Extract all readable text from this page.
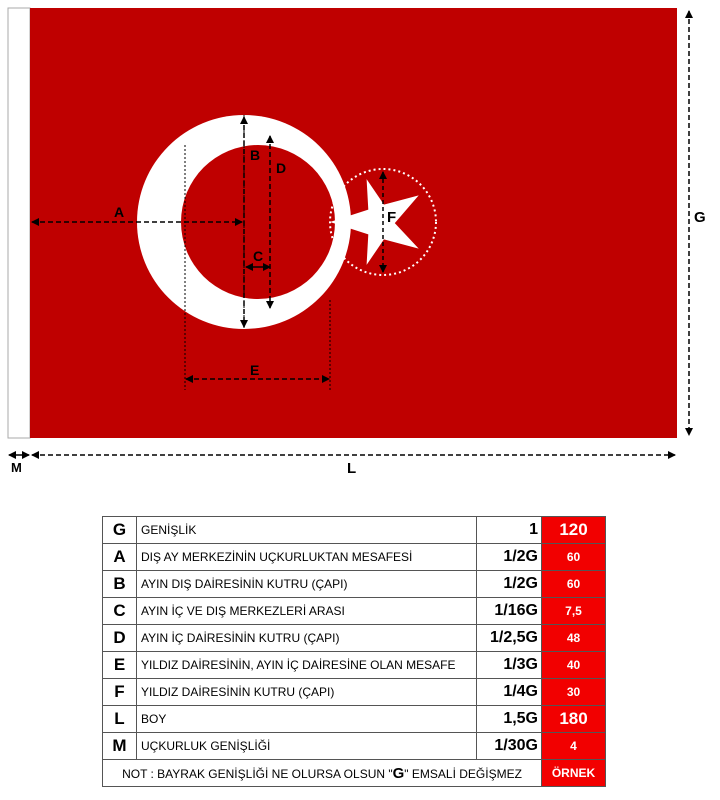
A
B
D
C
E
F	G
L
M
G	GENİŞLİK	1	120
A	DIŞ AY MERKEZİNİN UÇKURLUKTAN MESAFESİ	1/2G	60
B	AYIN DIŞ DAİRESİNİN KUTRU (ÇAPI)	1/2G	60
C	AYIN İÇ VE DIŞ MERKEZLERİ ARASI	1/16G	7,5
D	AYIN İÇ DAİRESİNİN KUTRU (ÇAPI)	1/2,5G	48
E	YILDIZ DAİRESİNİN, AYIN İÇ DAİRESİNE OLAN MESAFE	1/3G	40
F	YILDIZ DAİRESİNİN KUTRU (ÇAPI)	1/4G	30
L	BOY	1,5G	180
M	UÇKURLUK GENİŞLİĞİ	1/30G	4
NOT : BAYRAK GENİŞLİĞİ NE OLURSA OLSUN "G" EMSALİ DEĞİŞMEZ			ÖRNEK
